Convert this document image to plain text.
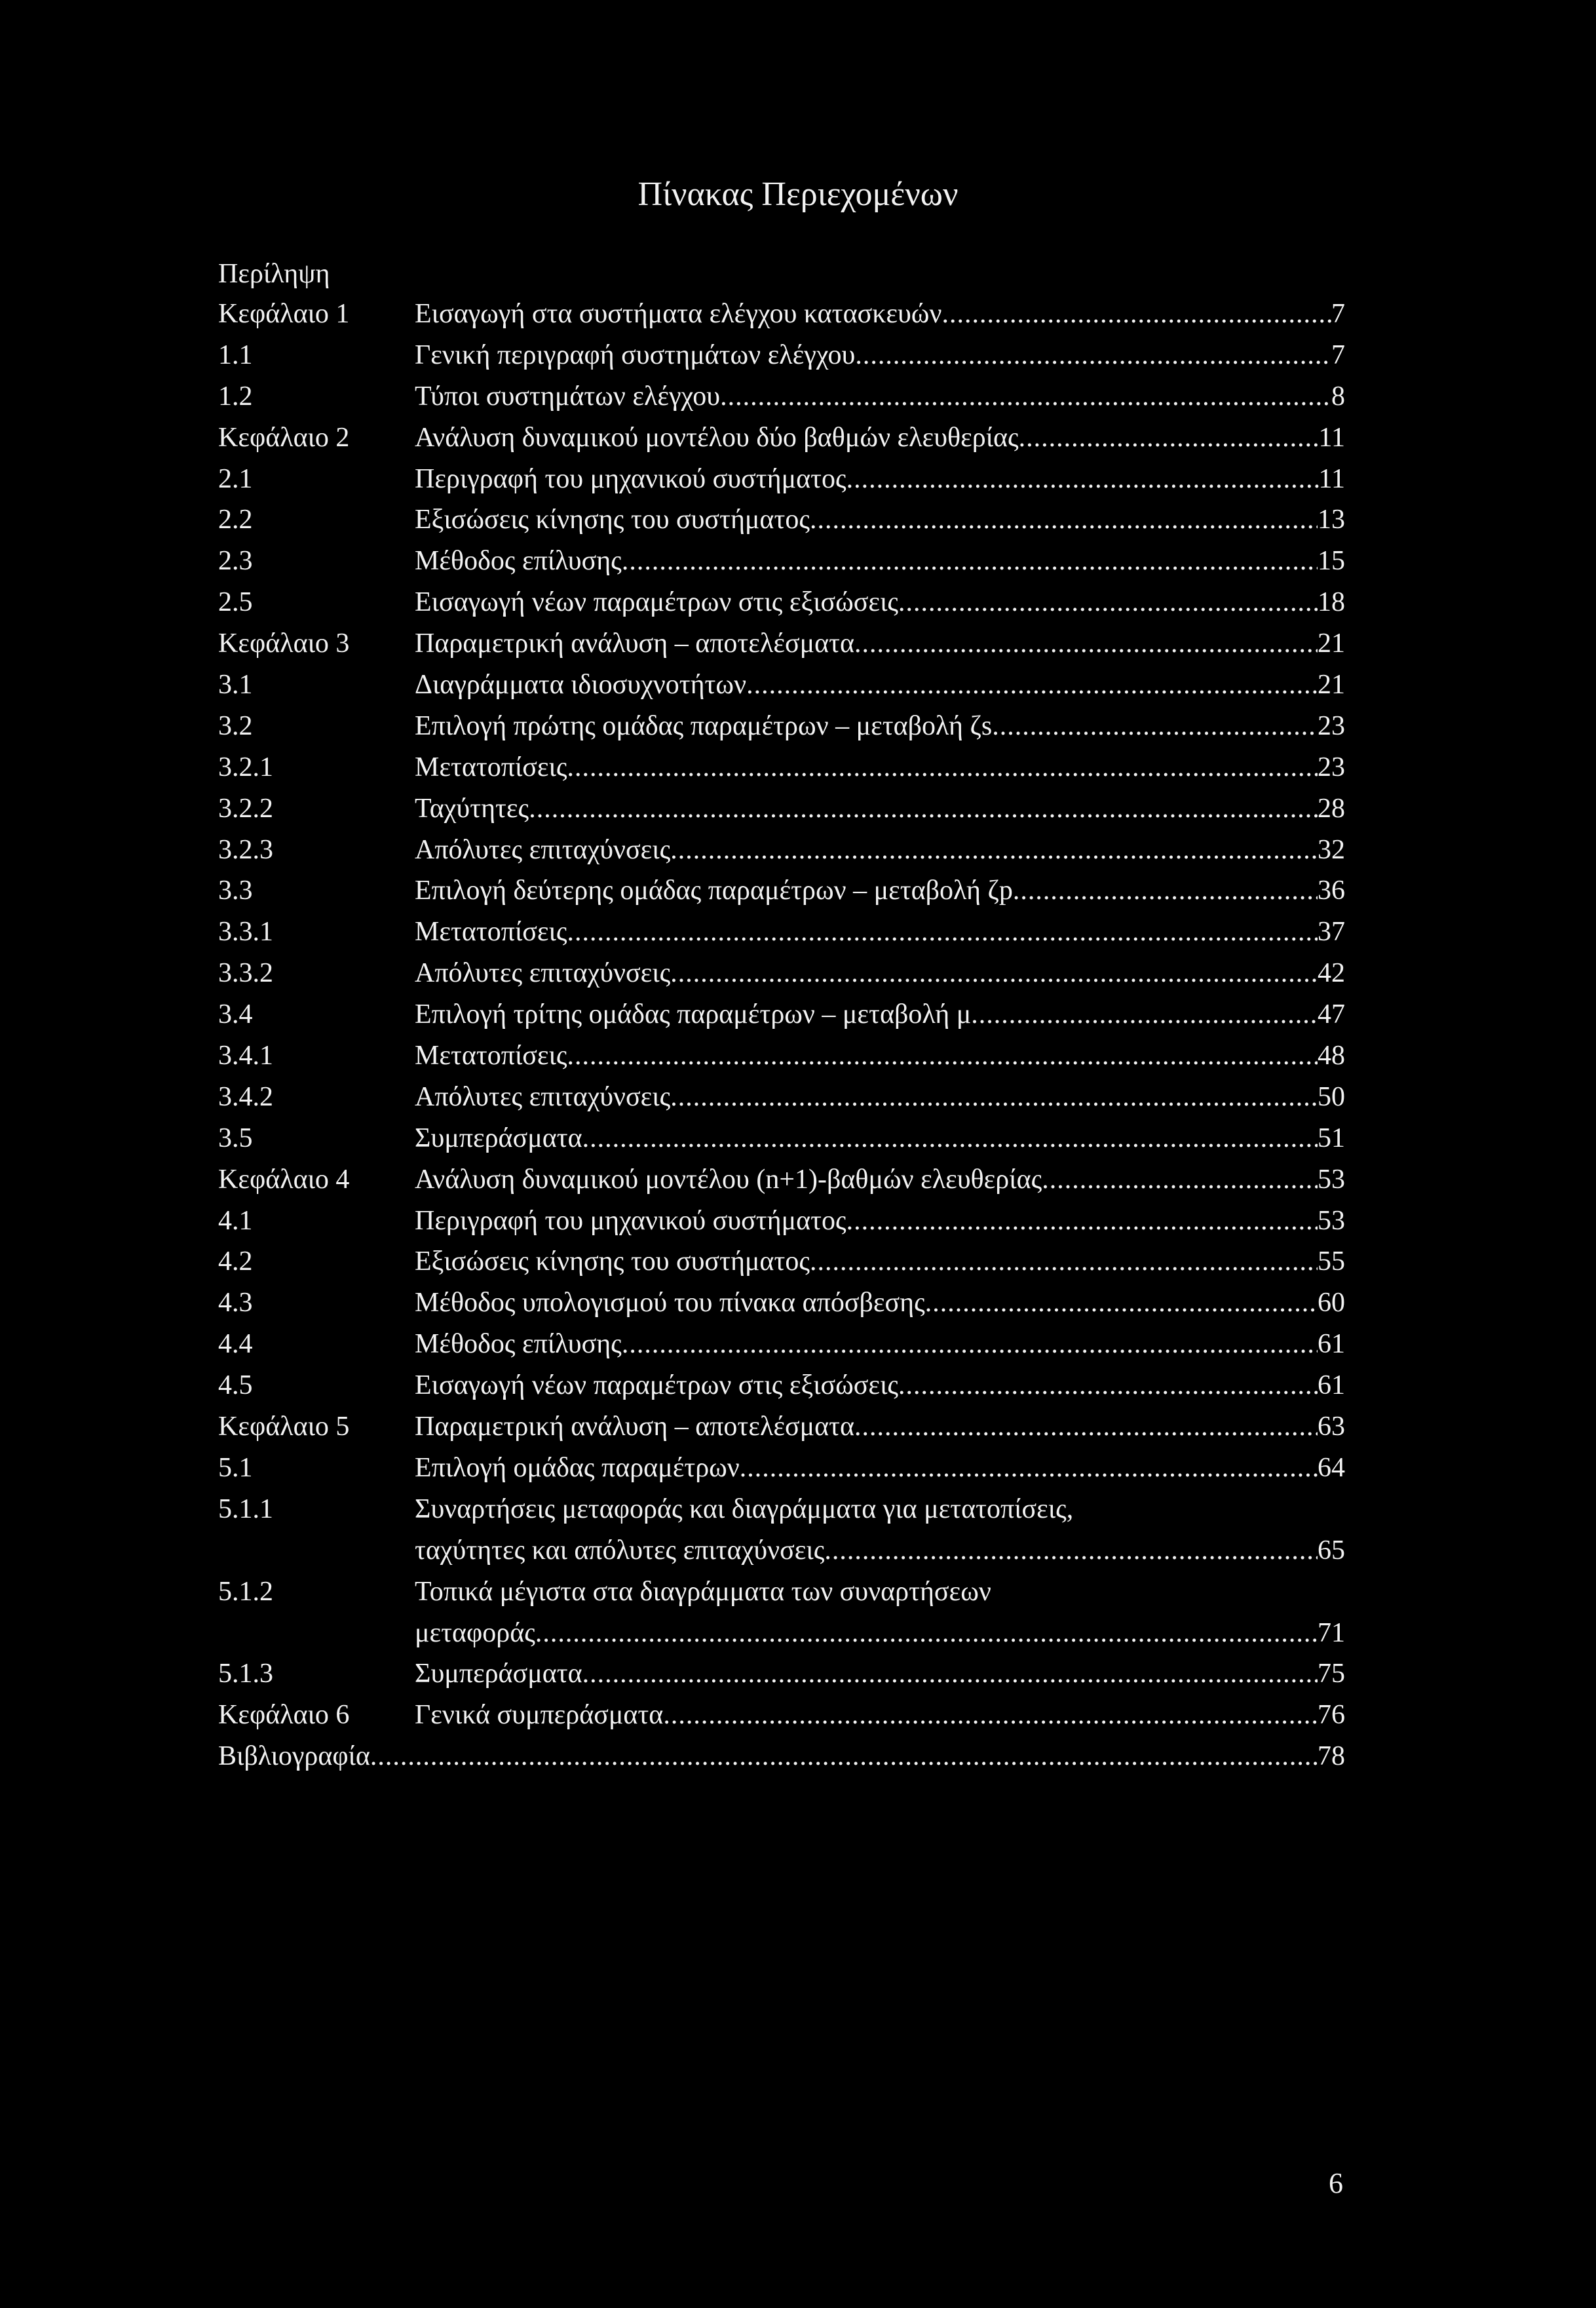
Πίνακας Περιεχομένων
Περίληψη
Κεφάλαιο 1	Εισαγωγή στα συστήματα ελέγχου κατασκευών .....	7
1.1	Γενική περιγραφή συστημάτων ελέγχου .....	7
1.2	Τύποι συστημάτων ελέγχου .....	8
Κεφάλαιο 2	Ανάλυση δυναμικού μοντέλου δύο βαθμών ελευθερίας .....	11
2.1	Περιγραφή του μηχανικού συστήματος .....	11
2.2	Εξισώσεις κίνησης του συστήματος .....	13
2.3	Μέθοδος επίλυσης .....	15
2.5	Εισαγωγή νέων παραμέτρων στις εξισώσεις .....	18
Κεφάλαιο 3	Παραμετρική ανάλυση – αποτελέσματα .....	21
3.1	Διαγράμματα ιδιοσυχνοτήτων .....	21
3.2	Επιλογή πρώτης ομάδας παραμέτρων – μεταβολή ζs .....	23
3.2.1	Μετατοπίσεις .....	23
3.2.2	Ταχύτητες .....	28
3.2.3	Απόλυτες επιταχύνσεις .....	32
3.3	Επιλογή δεύτερης ομάδας παραμέτρων – μεταβολή ζp .....	36
3.3.1	Μετατοπίσεις .....	37
3.3.2	Απόλυτες επιταχύνσεις .....	42
3.4	Επιλογή τρίτης ομάδας παραμέτρων – μεταβολή μ .....	47
3.4.1	Μετατοπίσεις .....	48
3.4.2	Απόλυτες επιταχύνσεις .....	50
3.5	Συμπεράσματα .....	51
Κεφάλαιο 4	Ανάλυση δυναμικού μοντέλου (n+1)-βαθμών ελευθερίας .....	53
4.1	Περιγραφή του μηχανικού συστήματος .....	53
4.2	Εξισώσεις κίνησης του συστήματος .....	55
4.3	Μέθοδος υπολογισμού του πίνακα απόσβεσης .....	60
4.4	Μέθοδος επίλυσης .....	61
4.5	Εισαγωγή νέων παραμέτρων στις εξισώσεις .....	61
Κεφάλαιο 5	Παραμετρική ανάλυση – αποτελέσματα .....	63
5.1	Επιλογή ομάδας παραμέτρων .....	64
5.1.1	Συναρτήσεις μεταφοράς και διαγράμματα για μετατοπίσεις,
ταχύτητες και απόλυτες επιταχύνσεις .....	65
5.1.2	Τοπικά μέγιστα στα διαγράμματα των συναρτήσεων
μεταφοράς .....	71
5.1.3	Συμπεράσματα .....	75
Κεφάλαιο 6	Γενικά συμπεράσματα .....	76
Βιβλιογραφία .....	78
6
